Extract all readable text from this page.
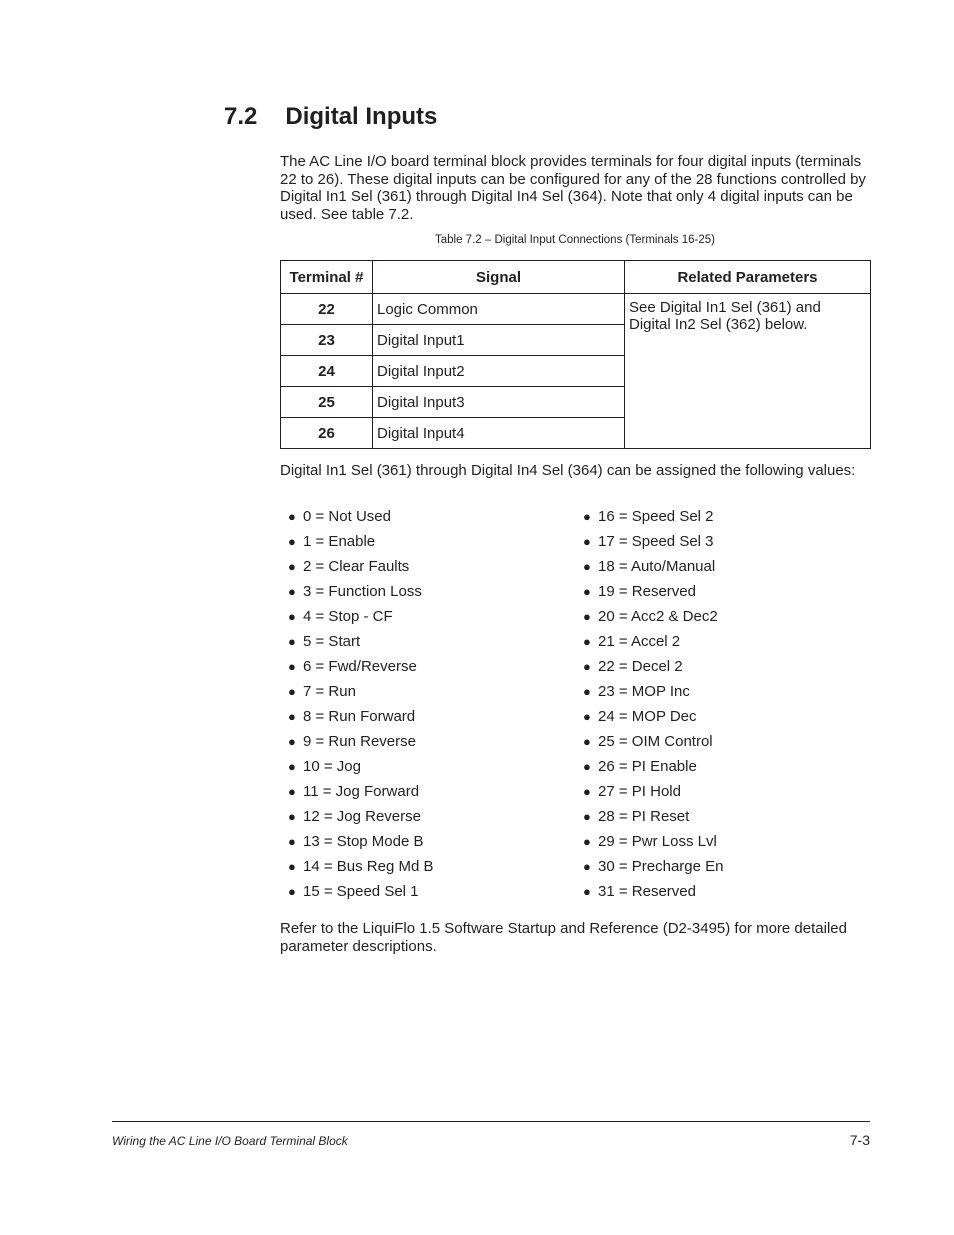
7.2 Digital Inputs
The AC Line I/O board terminal block provides terminals for four digital inputs (terminals 22 to 26). These digital inputs can be configured for any of the 28 functions controlled by Digital In1 Sel (361) through Digital In4 Sel (364). Note that only 4 digital inputs can be used. See table 7.2.
Table 7.2 – Digital Input Connections (Terminals 16-25)
Terminal #	Signal	Related Parameters
22	Logic Common	See Digital In1 Sel (361) and Digital In2 Sel (362) below.
23	Digital Input1	
24	Digital Input2	
25	Digital Input3	
26	Digital Input4	
Digital In1 Sel (361) through Digital In4 Sel (364) can be assigned the following values:
● 0 = Not Used
● 1 = Enable
● 2 = Clear Faults
● 3 = Function Loss
● 4 = Stop - CF
● 5 = Start
● 6 = Fwd/Reverse
● 7 = Run
● 8 = Run Forward
● 9 = Run Reverse
● 10 = Jog
● 11 = Jog Forward
● 12 = Jog Reverse
● 13 = Stop Mode B
● 14 = Bus Reg Md B
● 15 = Speed Sel 1
● 16 = Speed Sel 2
● 17 = Speed Sel 3
● 18 = Auto/Manual
● 19 = Reserved
● 20 = Acc2 & Dec2
● 21 = Accel 2
● 22 = Decel 2
● 23 = MOP Inc
● 24 = MOP Dec
● 25 = OIM Control
● 26 = PI Enable
● 27 = PI Hold
● 28 = PI Reset
● 29 = Pwr Loss Lvl
● 30 = Precharge En
● 31 = Reserved
Refer to the LiquiFlo 1.5 Software Startup and Reference (D2-3495) for more detailed parameter descriptions.
Wiring the AC Line I/O Board Terminal Block	7-3
